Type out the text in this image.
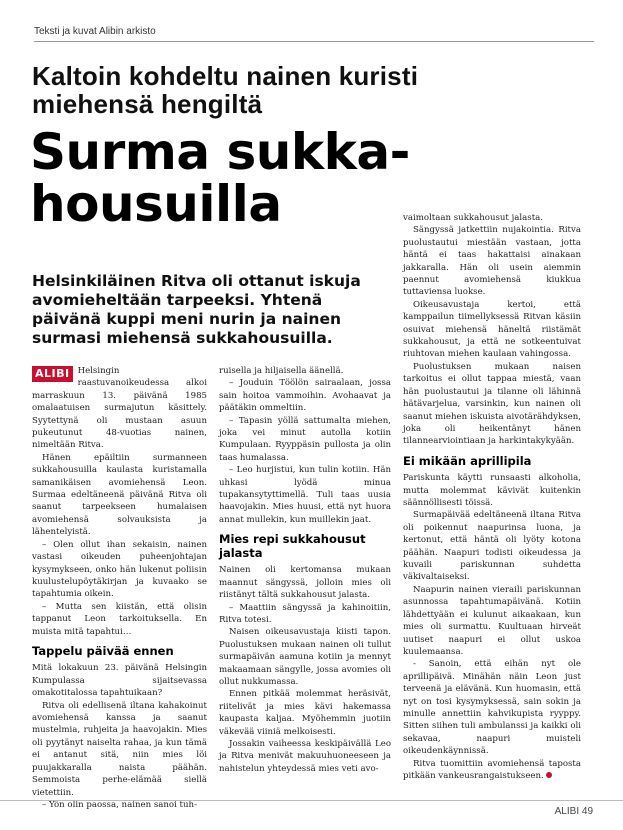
Teksti ja kuvat Alibin arkisto
Kaltoin kohdeltu nainen kuristi miehensä hengiltä
Surma sukka-housuilla
Helsinkiläinen Ritva oli ottanut iskuja avomieheltään tarpeeksi. Yhtenä päivänä kuppi meni nurin ja nainen surmasi miehensä sukkahousuilla.

ALIBI Helsingin raastuvanoikeudessa alkoi marraskuun 13. päivänä 1985 omalaatuisen surmajutun käsittely. Syytettynä oli mustaan asuun pukeutunut 48-vuotias nainen, nimeltään Ritva.

Hänen epäiltiin surmanneen sukkahousuilla kaulasta kuristamalla samanikäisen avomiehensä Leon. Surmaa edeltäneenä päivänä Ritva oli saanut tarpeekseen humalaisen avomiehensä solvauksista ja lähentelyistä.

– Olen ollut ihan sekaisin, nainen vastasi oikeuden puheenjohtajan kysymykseen, onko hän lukenut poliisin kuulustelupöytäkirjan ja kuvaako se tapahtumia oikein.

– Mutta sen kiistän, että olisin tappanut Leon tarkoituksella. En muista mitä tapahtui…

Tappelu päivää ennen

Mitä lokakuun 23. päivänä Helsingin Kumpulassa sijaitsevassa omakotitalossa tapahtuikaan?

Ritva oli edellisenä iltana kahakoinut avomiehensä kanssa ja saanut mustelmia, ruhjeita ja haavojakin. Mies oli pyytänyt naiselta rahaa, ja kun tämä ei antanut sitä, niin mies löi puujakkaralla naista päähän. Semmoista perhe-elämää siellä vietettiin.

– Yön olin paossa, nainen sanoi tuh-

ruisella ja hiljaisella äänellä.

– Jouduin Töölön sairaalaan, jossa sain hoitoa vammoihin. Avohaavat ja päätäkin ommeltiin.

– Tapasin yöllä sattumalta miehen, joka vei minut autolla kotiin Kumpulaan. Ryyppäsin pullosta ja olin taas humalassa.

– Leo hurjistui, kun tulin kotiin. Hän uhkasi lyödä minua tupakansytyttimellä. Tuli taas uusia haavojakin. Mies huusi, että nyt huora annat mullekin, kun muillekin jaat.

Mies repi sukkahousut jalasta

Nainen oli kertomansa mukaan maannut sängyssä, jolloin mies oli riistänyt tältä sukkahousut jalasta.

– Maattiin sängyssä ja kahinoitiin, Ritva totesi.

Naisen oikeusavustaja kiisti tapon. Puolustuksen mukaan nainen oli tullut surmapäivän aamuna kotiin ja mennyt makaamaan sängylle, jossa avomies oli ollut nukkumassa.

Ennen pitkää molemmat heräsivät, riitelivät ja mies kävi hakemassa kaupasta kaljaa. Myöhemmin juotiin väkevää viiniä melkoisesti.

Jossakin vaiheessa keskipäivällä Leo ja Ritva menivät makuuhuoneeseen ja nahistelun yhteydessä mies veti avo-

vaimoltaan sukkahousut jalasta.

Sängyssä jatkettiin nujakointia. Ritva puolustautui miestään vastaan, jotta häntä ei taas hakattaisi ainakaan jakkaralla. Hän oli usein aiemmin paennut avomiehensä kiukkua tuttaviensa luokse.

Oikeusavustaja kertoi, että kamppailun tiimellyksessä Ritvan käsiin osuivat miehensä häneltä riistämät sukkahousut, ja että ne sotkeentuivat riuhtovan miehen kaulaan vahingossa.

Puolustuksen mukaan naisen tarkoitus ei ollut tappaa miestä, vaan hän puolustautui ja tilanne oli lähinnä hätävarjelua, varsinkin, kun nainen oli saanut miehen iskuista aivotärähdyksen, joka oli heikentänyt hänen tilannearviointiaan ja harkintakykyään.

Ei mikään aprillipila

Pariskunta käytti runsaasti alkoholia, mutta molemmat kävivät kuitenkin säännöllisesti töissä.

Surmapäivää edeltäneenä iltana Ritva oli poikennut naapurinsa luona, ja kertonut, että häntä oli lyöty kotona päähän. Naapuri todisti oikeudessa ja kuvaili pariskunnan suhdetta väkivaltaiseksi.

Naapurin nainen vieraili pariskunnan asunnossa tapahtumapäivänä. Kotiin lähdettyään ei kulunut aikaakaan, kun mies oli surmattu. Kuultuaan hirveät uutiset naapuri ei ollut uskoa kuulemaansa.

- Sanoin, että eihän nyt ole aprillipäivä. Minähän näin Leon just terveenä ja elävänä. Kun huomasin, että nyt on tosi kysymyksessä, sain sokin ja minulle annettiin kahvikupista ryyppy. Sitten siihen tuli ambulanssi ja kaikki oli sekavaa, naapuri muisteli oikeudenkäynnissä.

Ritva tuomittiin avomiehensä taposta pitkään vankeusrangaistukseen.

ALIBI 49
